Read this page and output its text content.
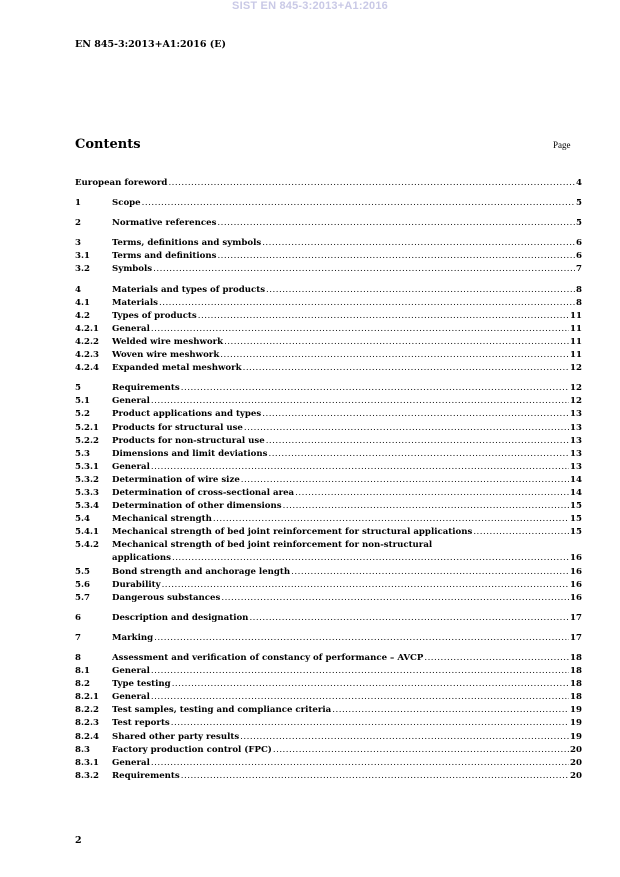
SIST EN 845-3:2013+A1:2016
EN 845-3:2013+A1:2016 (E)
Contents	Page
European foreword .....	4
1	Scope .....	5
2	Normative references .....	5
3	Terms, definitions and symbols .....	6
3.1	Terms and definitions .....	6
3.2	Symbols .....	7
4	Materials and types of products .....	8
4.1	Materials .....	8
4.2	Types of products .....	11
4.2.1	General .....	11
4.2.2	Welded wire meshwork .....	11
4.2.3	Woven wire meshwork .....	11
4.2.4	Expanded metal meshwork .....	12
5	Requirements .....	12
5.1	General .....	12
5.2	Product applications and types .....	13
5.2.1	Products for structural use .....	13
5.2.2	Products for non-structural use .....	13
5.3	Dimensions and limit deviations .....	13
5.3.1	General .....	13
5.3.2	Determination of wire size .....	14
5.3.3	Determination of cross-sectional area .....	14
5.3.4	Determination of other dimensions .....	15
5.4	Mechanical strength .....	15
5.4.1	Mechanical strength of bed joint reinforcement for structural applications .....	15
5.4.2	Mechanical strength of bed joint reinforcement for non-structural
applications .....	16
5.5	Bond strength and anchorage length .....	16
5.6	Durability .....	16
5.7	Dangerous substances .....	16
6	Description and designation .....	17
7	Marking .....	17
8	Assessment and verification of constancy of performance – AVCP .....	18
8.1	General .....	18
8.2	Type testing .....	18
8.2.1	General .....	18
8.2.2	Test samples, testing and compliance criteria .....	19
8.2.3	Test reports .....	19
8.2.4	Shared other party results .....	19
8.3	Factory production control (FPC) .....	20
8.3.1	General .....	20
8.3.2	Requirements .....	20
2
